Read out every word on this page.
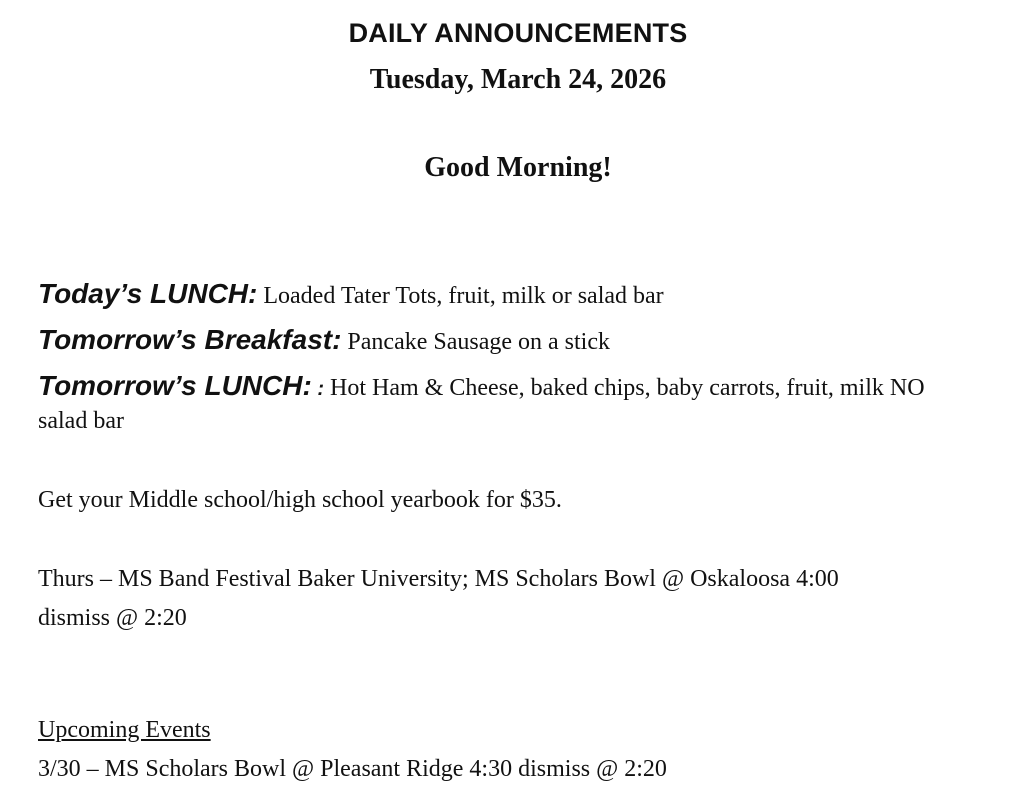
DAILY ANNOUNCEMENTS
Tuesday, March 24, 2026
Good Morning!
Today’s LUNCH: Loaded Tater Tots, fruit, milk or salad bar
Tomorrow’s Breakfast: Pancake Sausage on a stick
Tomorrow’s LUNCH: : Hot Ham & Cheese, baked chips, baby carrots, fruit, milk NO
salad bar
Get your Middle school/high school yearbook for $35.
Thurs – MS Band Festival Baker University; MS Scholars Bowl @ Oskaloosa 4:00
dismiss @ 2:20
Upcoming Events
3/30 – MS Scholars Bowl @ Pleasant Ridge 4:30 dismiss @ 2:20
